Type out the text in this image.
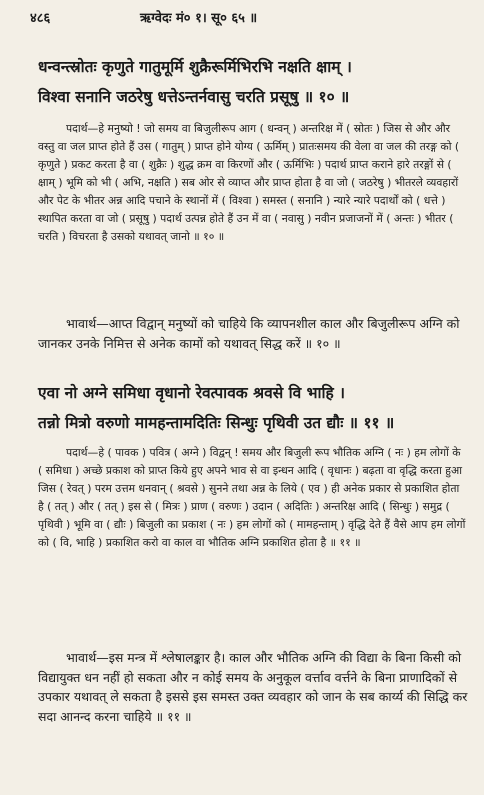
४८६	ऋग्वेदः मं० १। सू० ६५ ॥
धन्वन्त्स्रोतः कृणुते गातुमूर्मि शुक्रैरूर्मिभिरभि नक्षति क्षाम् ।
विश्वा सनानि जठरेषु धत्तेऽन्तर्नवासु चरति प्रसूषु ॥ १० ॥

पदार्थ—हे मनुष्यो ! जो समय वा बिजुलीरूप आग ( धन्वन् ) अन्तरिक्ष में ( स्रोतः ) जिस से और और वस्तु वा जल प्राप्त होते हैं उस ( गातुम् ) प्राप्त होने योग्य ( ऊर्मिम् ) प्रातःसमय की वेला वा जल की तरङ्ग को ( कृणुते ) प्रकट करता है वा ( शुक्रैः ) शुद्ध क्रम वा किरणों और ( ऊर्मिभिः ) पदार्थ प्राप्त कराने हारे तरङ्गों से ( क्षाम् ) भूमि को भी ( अभि, नक्षति ) सब ओर से व्याप्त और प्राप्त होता है वा जो ( जठरेषु ) भीतरले व्यवहारों और पेट के भीतर अन्न आदि पचाने के स्थानों में ( विश्वा ) समस्त ( सनानि ) न्यारे न्यारे पदार्थों को ( धत्ते ) स्थापित करता वा जो ( प्रसूषु ) पदार्थ उत्पन्न होते हैं उन में वा ( नवासु ) नवीन प्रजाजनों में ( अन्तः ) भीतर ( चरति ) विचरता है उसको यथावत् जानो ॥ १० ॥

भावार्थ—आप्त विद्वान् मनुष्यों को चाहिये कि व्यापनशील काल और बिजुलीरूप अग्नि को जानकर उनके निमित्त से अनेक कामों को यथावत् सिद्ध करें ॥ १० ॥

एवा नो अग्ने समिधा वृधानो रेवत्पावक श्रवसे वि भाहि ।
तन्नो मित्रो वरुणो मामहन्तामदितिः सिन्धुः पृथिवी उत द्यौः ॥ ११ ॥

पदार्थ—हे ( पावक ) पवित्र ( अग्ने ) विद्वन् ! समय और बिजुली रूप भौतिक अग्नि ( नः ) हम लोगों के ( समिधा ) अच्छे प्रकाश को प्राप्त किये हुए अपने भाव से वा इन्धन आदि ( वृधानः ) बढ़ता वा वृद्धि करता हुआ जिस ( रेवत् ) परम उत्तम धनवान् ( श्रवसे ) सुनने तथा अन्न के लिये ( एव ) ही अनेक प्रकार से प्रकाशित होता है ( तत् ) और ( तत् ) इस से ( मित्रः ) प्राण ( वरुणः ) उदान ( अदितिः ) अन्तरिक्ष आदि ( सिन्धुः ) समुद्र ( पृथिवी ) भूमि वा ( द्यौः ) बिजुली का प्रकाश ( नः ) हम लोगों को ( मामहन्ताम् ) वृद्धि देते हैं वैसे आप हम लोगों को ( वि, भाहि ) प्रकाशित करो वा काल वा भौतिक अग्नि प्रकाशित होता है ॥ ११ ॥

भावार्थ—इस मन्त्र में श्लेषालङ्कार है। काल और भौतिक अग्नि की विद्या के बिना किसी को विद्यायुक्त धन नहीं हो सकता और न कोई समय के अनुकूल वर्त्ताव वर्त्तने के बिना प्राणादिकों से उपकार यथावत् ले सकता है इससे इस समस्त उक्त व्यवहार को जान के सब कार्य्य की सिद्धि कर सदा आनन्द करना चाहिये ॥ ११ ॥
